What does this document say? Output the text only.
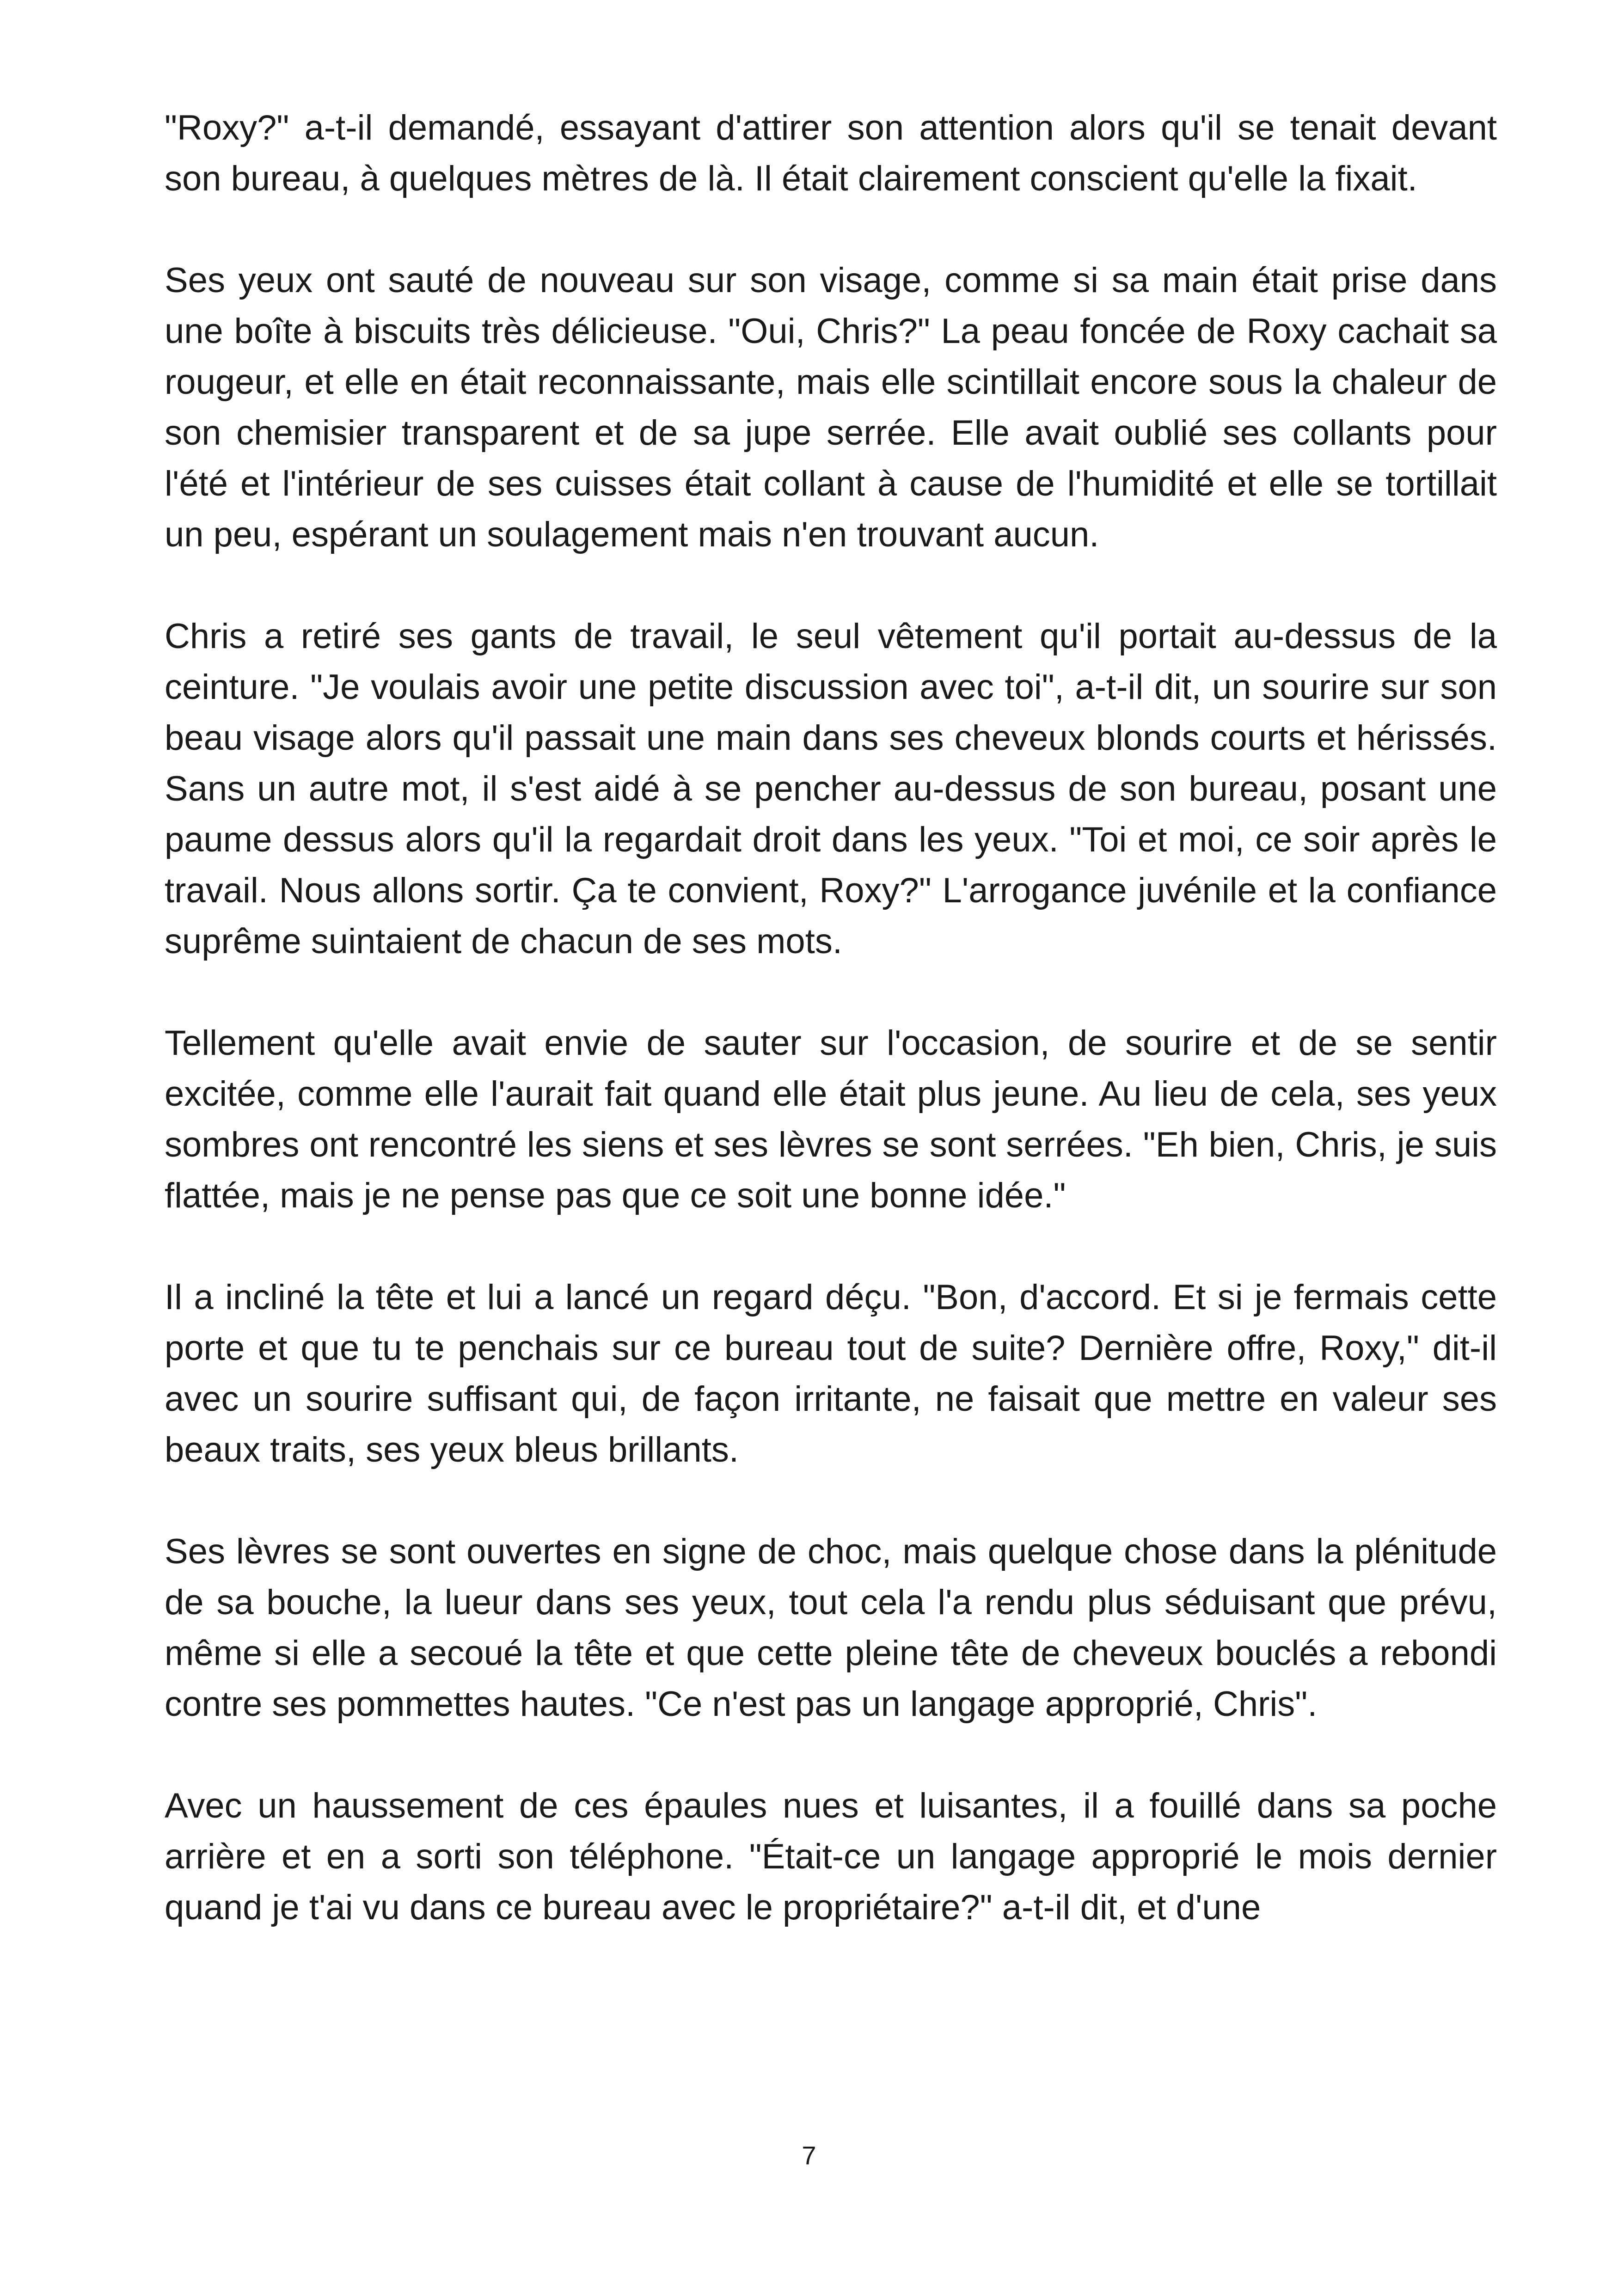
"Roxy?" a-t-il demandé, essayant d'attirer son attention alors qu'il se tenait devant son bureau, à quelques mètres de là. Il était clairement conscient qu'elle la fixait.

Ses yeux ont sauté de nouveau sur son visage, comme si sa main était prise dans une boîte à biscuits très délicieuse. "Oui, Chris?" La peau foncée de Roxy cachait sa rougeur, et elle en était reconnaissante, mais elle scintillait encore sous la chaleur de son chemisier transparent et de sa jupe serrée. Elle avait oublié ses collants pour l'été et l'intérieur de ses cuisses était collant à cause de l'humidité et elle se tortillait un peu, espérant un soulagement mais n'en trouvant aucun.

Chris a retiré ses gants de travail, le seul vêtement qu'il portait au-dessus de la ceinture. "Je voulais avoir une petite discussion avec toi", a-t-il dit, un sourire sur son beau visage alors qu'il passait une main dans ses cheveux blonds courts et hérissés. Sans un autre mot, il s'est aidé à se pencher au-dessus de son bureau, posant une paume dessus alors qu'il la regardait droit dans les yeux. "Toi et moi, ce soir après le travail. Nous allons sortir. Ça te convient, Roxy?" L'arrogance juvénile et la confiance suprême suintaient de chacun de ses mots.

Tellement qu'elle avait envie de sauter sur l'occasion, de sourire et de se sentir excitée, comme elle l'aurait fait quand elle était plus jeune. Au lieu de cela, ses yeux sombres ont rencontré les siens et ses lèvres se sont serrées. "Eh bien, Chris, je suis flattée, mais je ne pense pas que ce soit une bonne idée."

Il a incliné la tête et lui a lancé un regard déçu. "Bon, d'accord. Et si je fermais cette porte et que tu te penchais sur ce bureau tout de suite? Dernière offre, Roxy," dit-il avec un sourire suffisant qui, de façon irritante, ne faisait que mettre en valeur ses beaux traits, ses yeux bleus brillants.

Ses lèvres se sont ouvertes en signe de choc, mais quelque chose dans la plénitude de sa bouche, la lueur dans ses yeux, tout cela l'a rendu plus séduisant que prévu, même si elle a secoué la tête et que cette pleine tête de cheveux bouclés a rebondi contre ses pommettes hautes. "Ce n'est pas un langage approprié, Chris".

Avec un haussement de ces épaules nues et luisantes, il a fouillé dans sa poche arrière et en a sorti son téléphone. "Était-ce un langage approprié le mois dernier quand je t'ai vu dans ce bureau avec le propriétaire?" a-t-il dit, et d'une

7
